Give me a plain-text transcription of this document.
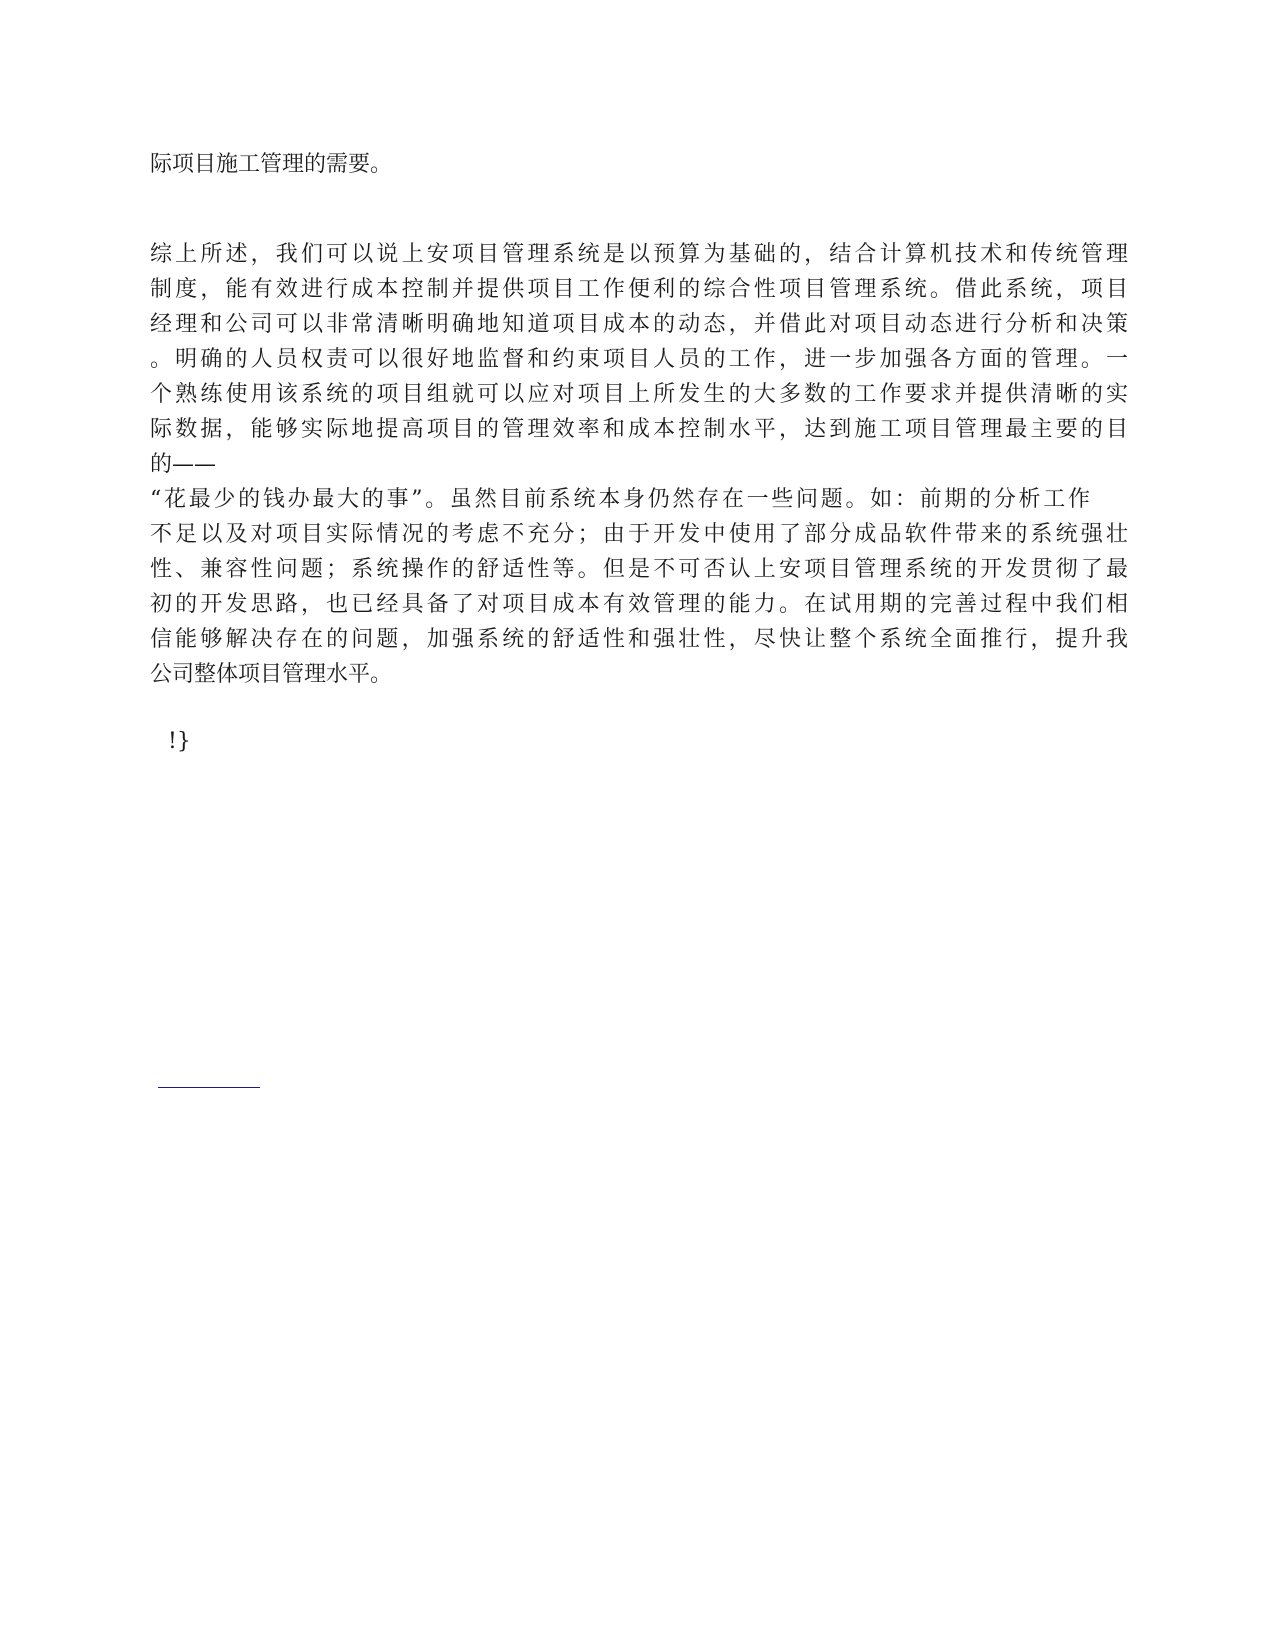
际项目施工管理的需要。
综上所述，我们可以说上安项目管理系统是以预算为基础的，结合计算机技术和传统管理
制度，能有效进行成本控制并提供项目工作便利的综合性项目管理系统。借此系统，项目
经理和公司可以非常清晰明确地知道项目成本的动态，并借此对项目动态进行分析和决策
。明确的人员权责可以很好地监督和约束项目人员的工作，进一步加强各方面的管理。一
个熟练使用该系统的项目组就可以应对项目上所发生的大多数的工作要求并提供清晰的实
际数据，能够实际地提高项目的管理效率和成本控制水平，达到施工项目管理最主要的目
的——
“花最少的钱办最大的事”。虽然目前系统本身仍然存在一些问题。如：前期的分析工作
不足以及对项目实际情况的考虑不充分；由于开发中使用了部分成品软件带来的系统强壮
性、兼容性问题；系统操作的舒适性等。但是不可否认上安项目管理系统的开发贯彻了最
初的开发思路，也已经具备了对项目成本有效管理的能力。在试用期的完善过程中我们相
信能够解决存在的问题，加强系统的舒适性和强壮性，尽快让整个系统全面推行，提升我
公司整体项目管理水平。
!}
